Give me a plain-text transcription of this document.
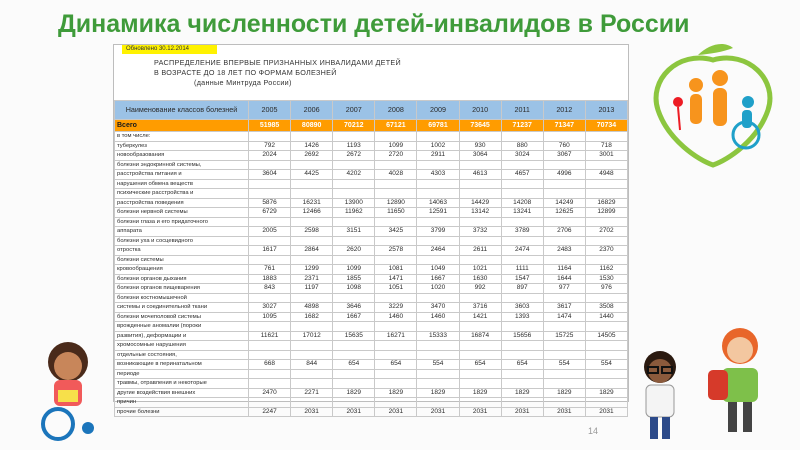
Динамика численности детей-инвалидов в России
Обновлено 30.12.2014
РАСПРЕДЕЛЕНИЕ ВПЕРВЫЕ ПРИЗНАННЫХ ИНВАЛИДАМИ ДЕТЕЙ
В ВОЗРАСТЕ ДО 18 ЛЕТ ПО ФОРМАМ БОЛЕЗНЕЙ
(данные Минтруда России)
Наименование классов болезней	2005	2006	2007	2008	2009	2010	2011	2012	2013
Всего	51985	80890	70212	67121	69781	73645	71237	71347	70734
в том числе:									
туберкулез	792	1426	1193	1099	1002	930	880	760	718
новообразования	2024	2692	2672	2720	2911	3064	3024	3067	3001
болезни эндокринной системы,									
расстройства питания и	3604	4425	4202	4028	4303	4613	4657	4996	4948
нарушения обмена веществ									
психические расстройства и									
расстройства поведения	5876	16231	13900	12890	14063	14429	14208	14249	16829
болезни нервной системы	6729	12466	11962	11650	12591	13142	13241	12625	12899
болезни глаза и его придаточного									
аппарата	2005	2598	3151	3425	3799	3732	3789	2706	2702
болезни уха и сосцевидного									
отростка	1617	2864	2620	2578	2464	2611	2474	2483	2370
болезни системы									
кровообращения	761	1299	1099	1081	1049	1021	1111	1164	1162
болезни органов дыхания	1883	2371	1855	1471	1667	1630	1547	1644	1530
болезни органов пищеварения	843	1197	1098	1051	1020	992	897	977	976
болезни костномышечной									
системы и соединительной ткани	3027	4898	3646	3229	3470	3716	3603	3617	3508
болезни мочеполовой системы	1095	1682	1667	1460	1460	1421	1393	1474	1440
врожденные аномалии (пороки									
развития), деформации и	11621	17012	15635	16271	15333	16874	15656	15725	14505
хромосомные нарушения									
отдельные состояния,									
возникающие в перинатальном	668	844	654	654	554	654	654	554	554
периоде									
травмы, отравления и некоторые									
другие воздействия внешних	2470	2271	1829	1829	1829	1829	1829	1829	1829
причин									
прочие болезни	2247	2031	2031	2031	2031	2031	2031	2031	2031
14
